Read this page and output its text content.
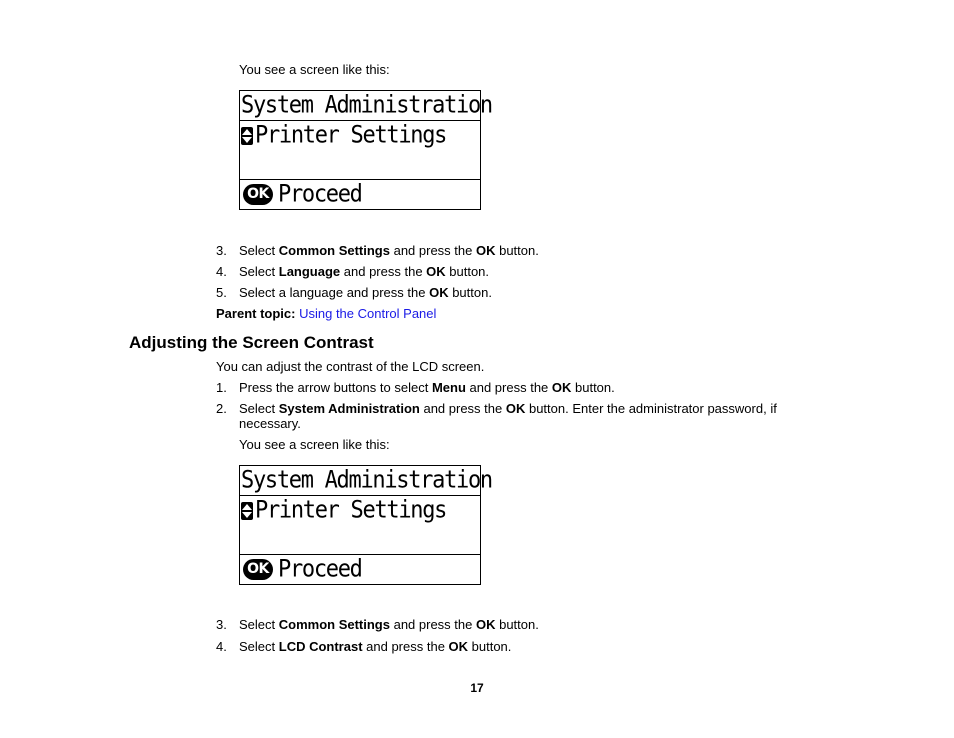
You see a screen like this:
System Administration
Printer Settings
OK Proceed
3. Select Common Settings and press the OK button.
4. Select Language and press the OK button.
5. Select a language and press the OK button.
Parent topic: Using the Control Panel
Adjusting the Screen Contrast
You can adjust the contrast of the LCD screen.
1. Press the arrow buttons to select Menu and press the OK button.
2. Select System Administration and press the OK button. Enter the administrator password, if
necessary.
You see a screen like this:
System Administration
Printer Settings
OK Proceed
3. Select Common Settings and press the OK button.
4. Select LCD Contrast and press the OK button.
17
